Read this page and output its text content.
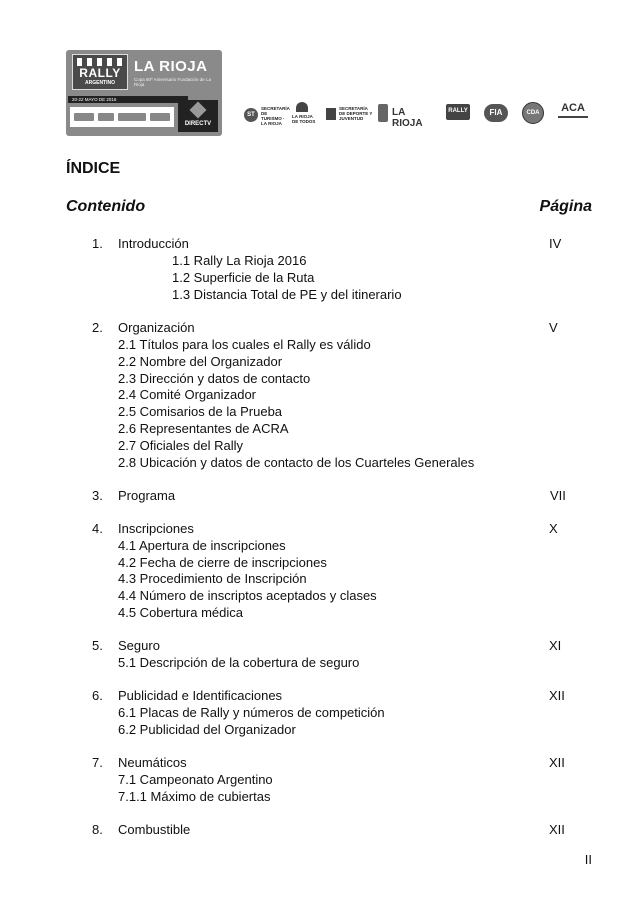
RALLY
ARGENTINO
LA RIOJA
Copa 80º Aniversario Fundación de La Rioja
20-22 MAYO DE 2016
DIRECTV
ST
SECRETARÍA DE TURISMO · LA RIOJA
LA RIOJA DE TODOS
SECRETARÍA DE DEPORTE Y JUVENTUD
LA RIOJA
RALLY	FIA	CDA	ACA
ÍNDICE
Contenido	Página
1. Introducción	IV
1.1 Rally La Rioja 2016
1.2 Superficie de la Ruta
1.3 Distancia Total de PE y del itinerario
2. Organización	V
2.1 Títulos para los cuales el Rally es válido
2.2 Nombre del Organizador
2.3 Dirección y datos de contacto
2.4 Comité Organizador
2.5 Comisarios de la Prueba
2.6 Representantes de ACRA
2.7 Oficiales del Rally
2.8 Ubicación y datos de contacto de los Cuarteles Generales
3. Programa	VII
4. Inscripciones	X
4.1 Apertura de inscripciones
4.2 Fecha de cierre de inscripciones
4.3 Procedimiento de Inscripción
4.4 Número de inscriptos aceptados y clases
4.5 Cobertura médica
5. Seguro	XI
5.1 Descripción de la cobertura de seguro
6. Publicidad e Identificaciones	XII
6.1 Placas de Rally y números de competición
6.2 Publicidad del Organizador
7. Neumáticos	XII
7.1 Campeonato Argentino
7.1.1 Máximo de cubiertas
8. Combustible	XII
II
